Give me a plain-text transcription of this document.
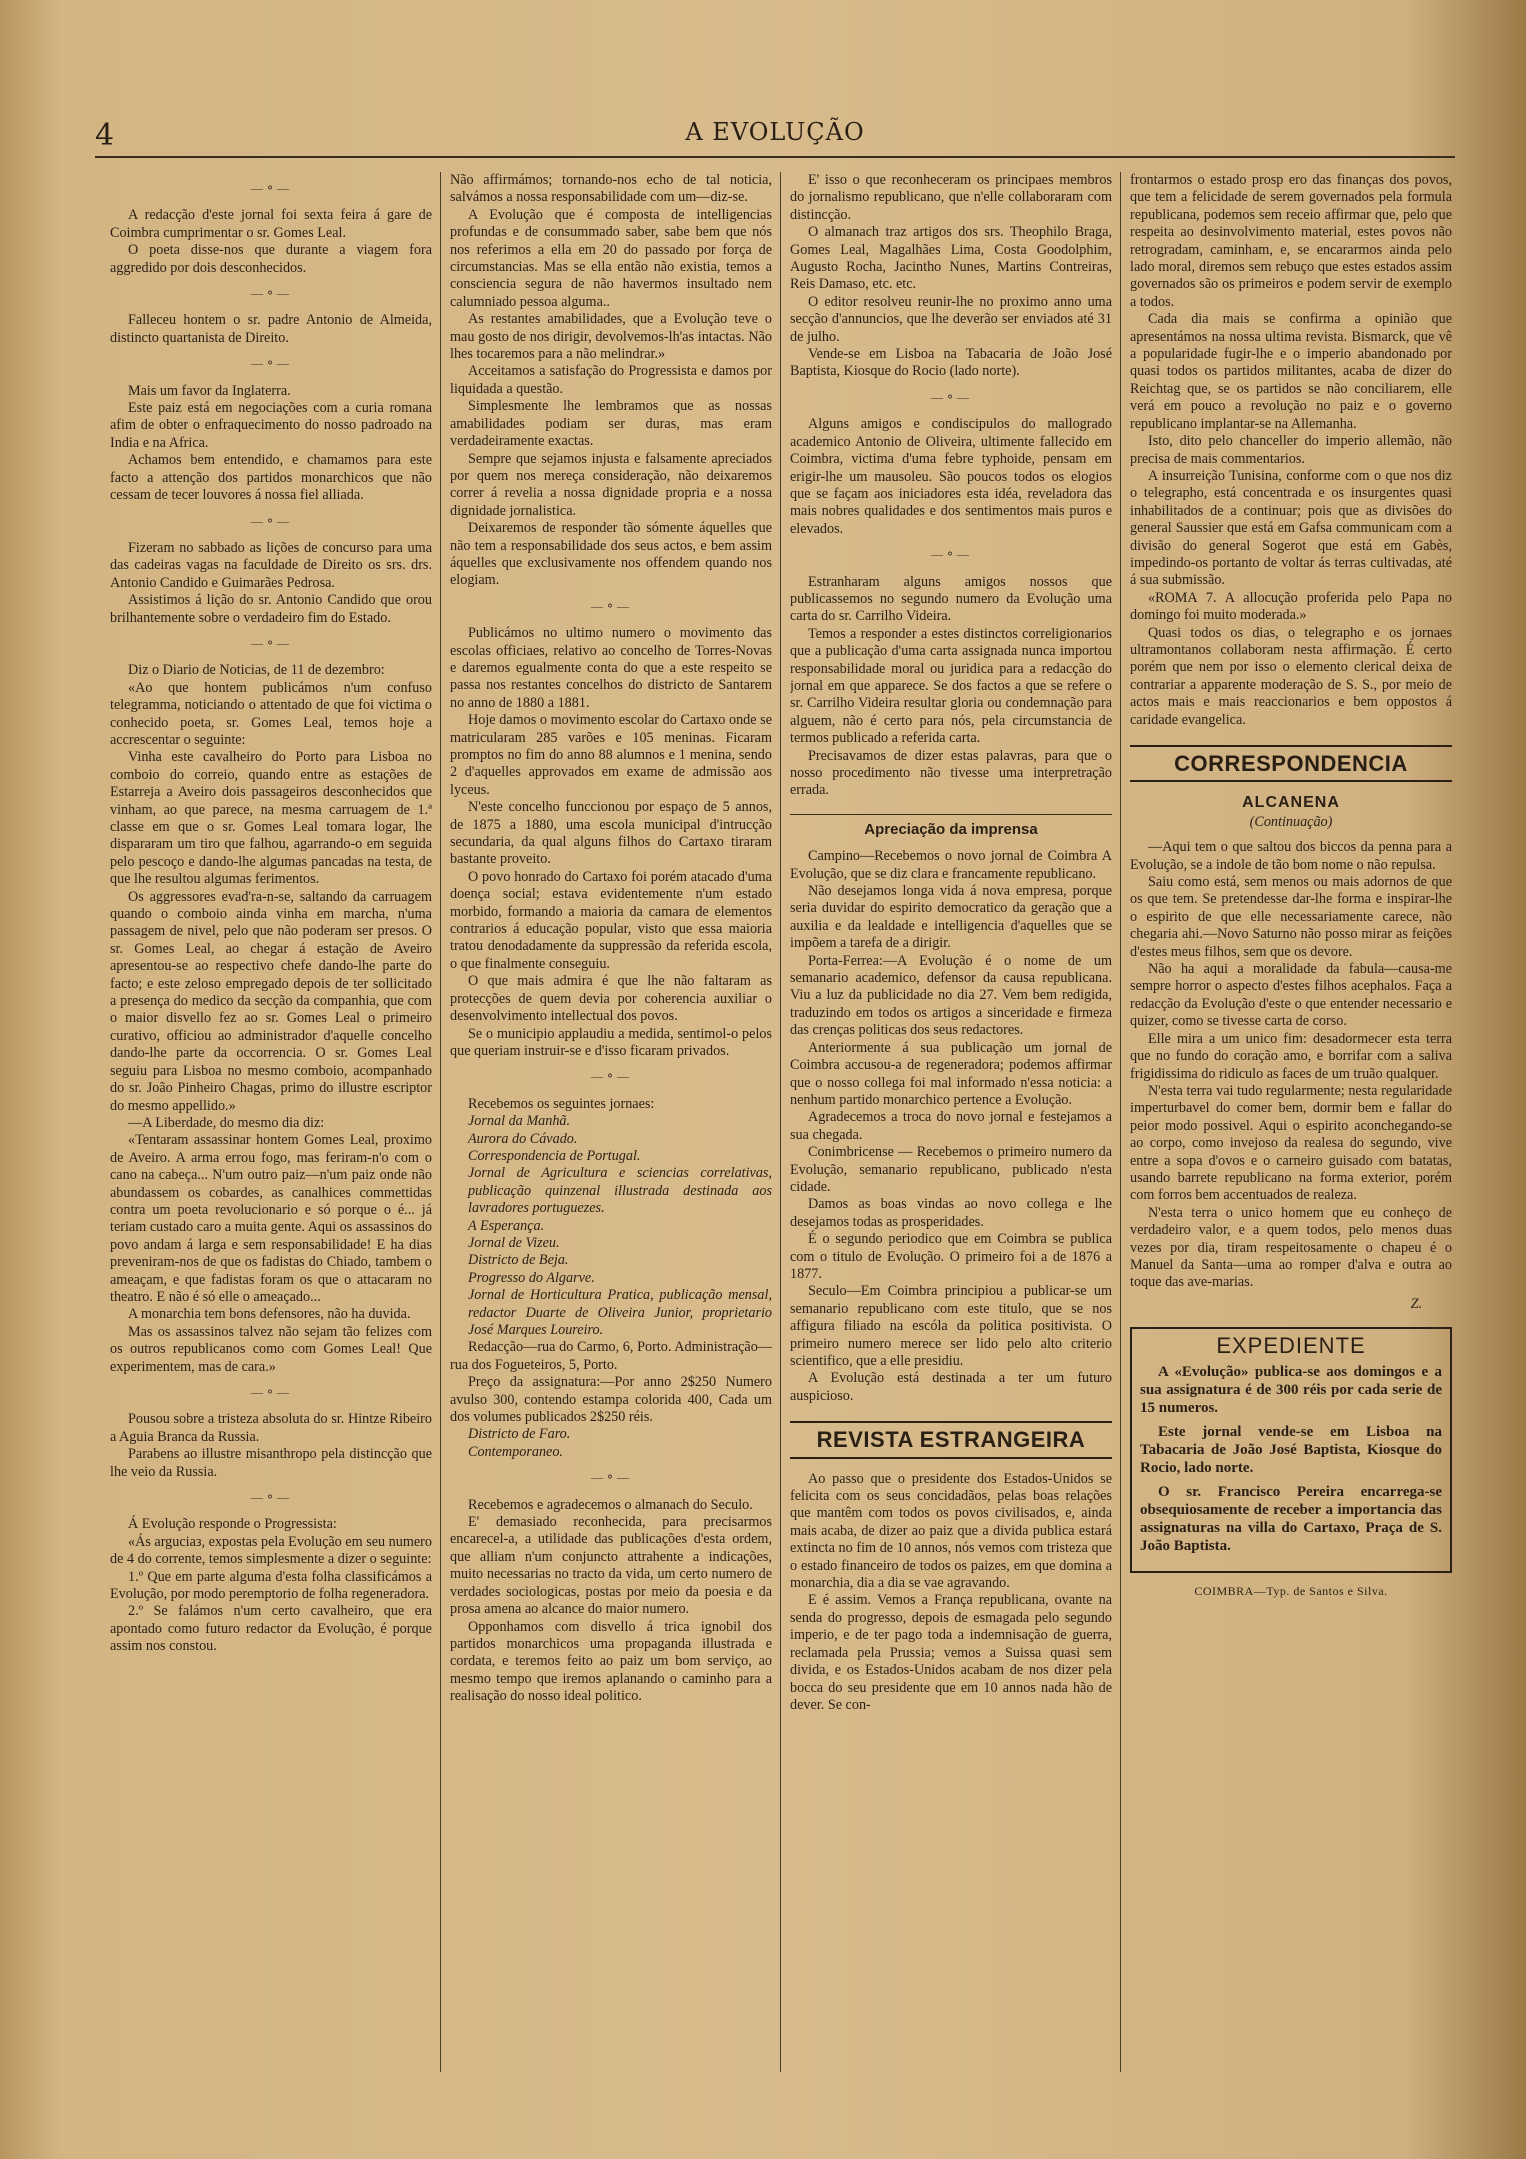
4	A EVOLUÇÃO
—⚬—

A redacção d'este jornal foi sexta feira á gare de Coimbra cumprimentar o sr. Gomes Leal.

O poeta disse-nos que durante a viagem fora aggredido por dois desconhecidos.

—⚬—

Falleceu hontem o sr. padre Antonio de Almeida, distincto quartanista de Direito.

—⚬—

Mais um favor da Inglaterra.

Este paiz está em negociações com a curia romana afim de obter o enfraquecimento do nosso padroado na India e na Africa.

Achamos bem entendido, e chamamos para este facto a attenção dos partidos monarchicos que não cessam de tecer louvores á nossa fiel alliada.

—⚬—

Fizeram no sabbado as lições de concurso para uma das cadeiras vagas na faculdade de Direito os srs. drs. Antonio Candido e Guimarães Pedrosa.

Assistimos á lição do sr. Antonio Candido que orou brilhantemente sobre o verdadeiro fim do Estado.

—⚬—

Diz o Diario de Noticias, de 11 de dezembro:

«Ao que hontem publicámos n'um confuso telegramma, noticiando o attentado de que foi victima o conhecido poeta, sr. Gomes Leal, temos hoje a accrescentar o seguinte:

Vinha este cavalheiro do Porto para Lisboa no comboio do correio, quando entre as estações de Estarreja a Aveiro dois passageiros desconhecidos que vinham, ao que parece, na mesma carruagem de 1.ª classe em que o sr. Gomes Leal tomara logar, lhe dispararam um tiro que falhou, agarrando-o em seguida pelo pescoço e dando-lhe algumas pancadas na testa, de que lhe resultou algumas ferimentos.

Os aggressores evad'ra-n-se, saltando da carruagem quando o comboio ainda vinha em marcha, n'uma passagem de nivel, pelo que não poderam ser presos. O sr. Gomes Leal, ao chegar á estação de Aveiro apresentou-se ao respectivo chefe dando-lhe parte do facto; e este zeloso empregado depois de ter sollicitado a presença do medico da secção da companhia, que com o maior disvello fez ao sr. Gomes Leal o primeiro curativo, officiou ao administrador d'aquelle concelho dando-lhe parte da occorrencia. O sr. Gomes Leal seguiu para Lisboa no mesmo comboio, acompanhado do sr. João Pinheiro Chagas, primo do illustre escriptor do mesmo appellido.»

—A Liberdade, do mesmo dia diz:

«Tentaram assassinar hontem Gomes Leal, proximo de Aveiro. A arma errou fogo, mas feriram-n'o com o cano na cabeça... N'um outro paiz—n'um paiz onde não abundassem os cobardes, as canalhices commettidas contra um poeta revolucionario e só porque o é... já teriam custado caro a muita gente. Aqui os assassinos do povo andam á larga e sem responsabilidade! E ha dias preveniram-nos de que os fadistas do Chiado, tambem o ameaçam, e que fadistas foram os que o attacaram no theatro. E não é só elle o ameaçado...

A monarchia tem bons defensores, não ha duvida.

Mas os assassinos talvez não sejam tão felizes com os outros republicanos como com Gomes Leal! Que experimentem, mas de cara.»

—⚬—

Pousou sobre a tristeza absoluta do sr. Hintze Ribeiro a Aguia Branca da Russia.

Parabens ao illustre misanthropo pela distincção que lhe veio da Russia.

—⚬—

Á Evolução responde o Progressista:

«Ás arguciaз, expostas pela Evolução em seu numero de 4 do corrente, temos simplesmente a dizer o seguinte:

1.º Que em parte alguma d'esta folha classificámos a Evolução, por modo peremptorio de folha regeneradora.

2.º Se falámos n'um certo cavalheiro, que era apontado como futuro redactor da Evolução, é porque assim nos constou.

Não affirmámos; tornando-nos echo de tal noticia, salvámos a nossa responsabilidade com um—diz-se.

A Evolução que é composta de intelligencias profundas e de consummado saber, sabe bem que nós nos referimos a ella em 20 do passado por força de circumstancias. Mas se ella então não existia, temos a consciencia segura de não havermos insultado nem calumniado pessoa alguma..

As restantes amabilidades, que a Evolução teve o mau gosto de nos dirigir, devolvemos-lh'as intactas. Não lhes tocaremos para a não melindrar.»

Acceitamos a satisfação do Progressista e damos por liquidada a questão.

Simplesmente lhe lembramos que as nossas amabilidades podiam ser duras, mas eram verdadeiramente exactas.

Sempre que sejamos injusta e falsamente apreciados por quem nos mereça consideração, não deixaremos correr á revelia a nossa dignidade propria e a nossa dignidade jornalistica.

Deixaremos de responder tão sómente áquelles que não tem a responsabilidade dos seus actos, e bem assim áquelles que exclusivamente nos offendem quando nos elogiam.

—⚬—

Publicámos no ultimo numero o movimento das escolas officiaes, relativo ao concelho de Torres-Novas e daremos egualmente conta do que a este respeito se passa nos restantes concelhos do districto de Santarem no anno de 1880 a 1881.

Hoje damos o movimento escolar do Cartaxo onde se matricularam 285 varões e 105 meninas. Ficaram promptos no fim do anno 88 alumnos e 1 menina, sendo 2 d'aquelles approvados em exame de admissão aos lyceus.

N'este concelho funccionou por espaço de 5 annos, de 1875 a 1880, uma escola municipal d'intrucção secundaria, da qual alguns filhos do Cartaxo tiraram bastante proveito.

O povo honrado do Cartaxo foi porém atacado d'uma doença social; estava evidentemente n'um estado morbido, formando a maioria da camara de elementos contrarios á educação popular, visto que essa maioria tratou denodadamente da suppressão da referida escola, o que finalmente conseguiu.

O que mais admira é que lhe não faltaram as protecções de quem devia por coherencia auxiliar o desenvolvimento intellectual dos povos.

Se o municipio applaudiu a medida, sentimol-o pelos que queriam instruir-se e d'isso ficaram privados.

—⚬—

Recebemos os seguintes jornaes:

Jornal da Manhã.

Aurora do Cávado.

Correspondencia de Portugal.

Jornal de Agricultura e sciencias correlativas, publicação quinzenal illustrada destinada aos lavradores portuguezes.

A Esperança.

Jornal de Vizeu.

Districto de Beja.

Progresso do Algarve.

Jornal de Horticultura Pratica, publicação mensal, redactor Duarte de Oliveira Junior, proprietario José Marques Loureiro.

Redacção—rua do Carmo, 6, Porto. Administração—rua dos Fogueteiros, 5, Porto.

Preço da assignatura:—Por anno 2$250 Numero avulso 300, contendo estampa colorida 400, Cada um dos volumes publicados 2$250 réis.

Districto de Faro.

Contemporaneo.

—⚬—

Recebemos e agradecemos o almanach do Seculo.

E' demasiado reconhecida, para precisarmos encarecel-a, a utilidade das publicações d'esta ordem, que alliam n'um conjuncto attrahente a indicações, muito necessarias no tracto da vida, um certo numero de verdades sociologicas, postas por meio da poesia e da prosa amena ao alcance do maior numero.

Opponhamos com disvello á trica ignobil dos partidos monarchicos uma propaganda illustrada e cordata, e teremos feito ao paiz um bom serviço, ao mesmo tempo que iremos aplanando o caminho para a realisação do nosso ideal politico.

E' isso o que reconheceram os principaes membros do jornalismo republicano, que n'elle collaboraram com distincção.

O almanach traz artigos dos srs. Theophilo Braga, Gomes Leal, Magalhães Lima, Costa Goodolphim, Augusto Rocha, Jacintho Nunes, Martins Contreiras, Reis Damaso, etc. etc.

O editor resolveu reunir-lhe no proximo anno uma secção d'annuncios, que lhe deverão ser enviados até 31 de julho.

Vende-se em Lisboa na Tabacaria de João José Baptista, Kiosque do Rocio (lado norte).

—⚬—

Alguns amigos e condiscipulos do mallogrado academico Antonio de Oliveira, ultimente fallecido em Coimbra, victima d'uma febre typhoide, pensam em erigir-lhe um mausoleu. São poucos todos os elogios que se façam aos iniciadores esta idéa, reveladora das mais nobres qualidades e dos sentimentos mais puros e elevados.

—⚬—

Estranharam alguns amigos nossos que publicassemos no segundo numero da Evolução uma carta do sr. Carrilho Videira.

Temos a responder a estes distinctos correligionarios que a publicação d'uma carta assignada nunca importou responsabilidade moral ou juridica para a redacção do jornal em que apparece. Se dos factos a que se refere o sr. Carrilho Videira resultar gloria ou condemnação para alguem, não é certo para nós, pela circumstancia de termos publicado a referida carta.

Precisavamos de dizer estas palavras, para que o nosso procedimento não tivesse uma interpretração errada.

Apreciação da imprensa

Campino—Recebemos o novo jornal de Coimbra A Evolução, que se diz clara e francamente republicano.

Não desejamos longa vida á nova empresa, porque seria duvidar do espirito democratico da geração que a auxilia e da lealdade e intelligencia d'aquelles que se impõem a tarefa de a dirigir.

Porta-Ferrea:—A Evolução é o nome de um semanario academico, defensor da causa republicana. Viu a luz da publicidade no dia 27. Vem bem redigida, traduzindo em todos os artigos a sinceridade e firmeza das crenças politicas dos seus redactores.

Anteriormente á sua publicação um jornal de Coimbra accusou-a de regeneradora; podemos affirmar que o nosso collega foi mal informado n'essa noticia: a nenhum partido monarchico pertence a Evolução.

Agradecemos a troca do novo jornal e festejamos a sua chegada.

Conimbricense — Recebemos o primeiro numero da Evolução, semanario republicano, publicado n'esta cidade.

Damos as boas vindas ao novo collega e lhe desejamos todas as prosperidades.

É o segundo periodico que em Coimbra se publica com o titulo de Evolução. O primeiro foi a de 1876 a 1877.

Seculo—Em Coimbra principiou a publicar-se um semanario republicano com este titulo, que se nos affigura filiado na escóla da politica positivista. O primeiro numero merece ser lido pelo alto criterio scientifico, que a elle presidiu.

A Evolução está destinada a ter um futuro auspicioso.

REVISTA ESTRANGEIRA

Ao passo que o presidente dos Estados-Unidos se felicita com os seus concidadãos, pelas boas relações que mantêm com todos os povos civilisados, e, ainda mais acaba, de dizer ao paiz que a divida publica estará extincta no fim de 10 annos, nós vemos com tristeza que o estado financeiro de todos os paizes, em que domina a monarchia, dia a dia se vae agravando.

E é assim. Vemos a França republicana, ovante na senda do progresso, depois de esmagada pelo segundo imperio, e de ter pago toda a indemnisação de guerra, reclamada pela Prussia; vemos a Suissa quasi sem divida, e os Estados-Unidos acabam de nos dizer pela bocca do seu presidente que em 10 annos nada hão de dever. Se con-

frontarmos o estado prosp ero das finanças dos povos, que tem a felicidade de serem governados pela formula republicana, podemos sem receio affirmar que, pelo que respeita ao desinvolvimento material, estes povos não retrogradam, caminham, e, se encararmos ainda pelo lado moral, diremos sem rebuço que estes estados assim governados são os primeiros e podem servir de exemplo a todos.

Cada dia mais se confirma a opinião que apresentámos na nossa ultima revista. Bismarck, que vê a popularidade fugir-lhe e o imperio abandonado por quasi todos os partidos militantes, acaba de dizer do Reichtag que, se os partidos se não conciliarem, elle verá em pouco a revolução no paiz e o governo republicano implantar-se na Allemanha.

Isto, dito pelo chanceller do imperio allemão, não precisa de mais commentarios.

A insurreição Tunisina, conforme com o que nos diz o telegrapho, está concentrada e os insurgentes quasi inhabilitados de a continuar; pois que as divisões do general Saussier que está em Gafsa communicam com a divisão do general Sogerot que está em Gabès, impedindo-os portanto de voltar ás terras cultivadas, até á sua submissão.

«ROMA 7. A allocução proferida pelo Papa no domingo foi muito moderada.»

Quasi todos os dias, o telegrapho e os jornaes ultramontanos collaboram nesta affirmação. É certo porém que nem por isso o elemento clerical deixa de contrariar a apparente moderação de S. S., por meio de actos mais e mais reaccionarios e bem oppostos á caridade evangelica.

CORRESPONDENCIA
ALCANENA
(Continuação)

—Aqui tem o que saltou dos biccos da penna para a Evolução, se a indole de tão bom nome o não repulsa.

Saiu como está, sem menos ou mais adornos de que os que tem. Se pretendesse dar-lhe forma e inspirar-lhe o espirito de que elle necessariamente carece, não chegaria ahi.—Novo Saturno não posso mirar as feições d'estes meus filhos, sem que os devore.

Não ha aqui a moralidade da fabula—causa-me sempre horror o aspecto d'estes filhos acephalos. Faça a redacção da Evolução d'este o que entender necessario e quizer, como se tivesse carta de corso.

Elle mira a um unico fim: desadormecer esta terra que no fundo do coração amo, e borrifar com a saliva frigidissima do ridiculo as faces de um truão qualquer.

N'esta terra vai tudo regularmente; nesta regularidade imperturbavel do comer bem, dormir bem e fallar do peior modo possivel. Aqui o espirito aconchegando-se ao corpo, como invejoso da realesa do segundo, vive entre a sopa d'ovos e o carneiro guisado com batatas, usando barrete republicano na forma exterior, porém com forros bem accentuados de realeza.

N'esta terra o unico homem que eu conheço de verdadeiro valor, e a quem todos, pelo menos duas vezes por dia, tiram respeitosamente o chapeu é o Manuel da Santa—uma ao romper d'alva e outra ao toque das ave-marias.

Z.
EXPEDIENTE

A «Evolução» publica-se aos domingos e a sua assignatura é de 300 réis por cada serie de 15 numeros.

Este jornal vende-se em Lisboa na Tabacaria de João José Baptista, Kiosque do Rocio, lado norte.

O sr. Francisco Pereira encarrega-se obsequiosamente de receber a importancia das assignaturas na villa do Cartaxo, Praça de S. João Baptista.

COIMBRA—Typ. de Santos e Silva.
